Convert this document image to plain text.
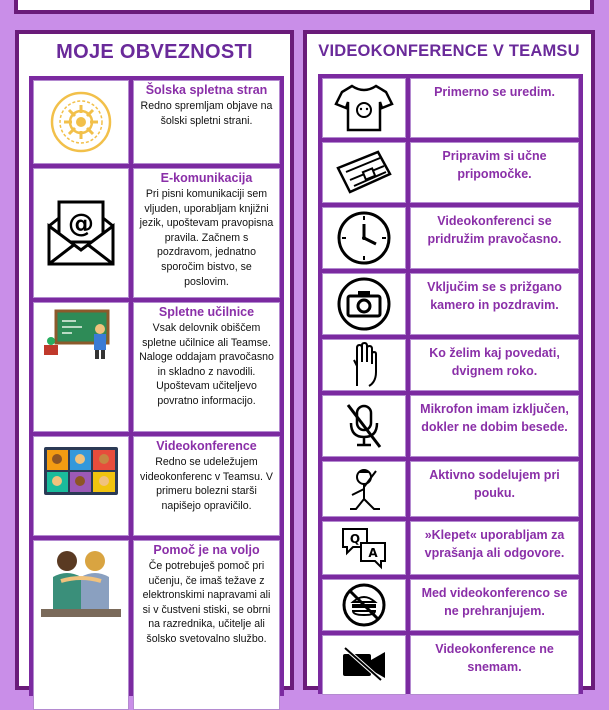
MOJE OBVEZNOSTI
Šolska spletna stran
Redno spremljam objave na šolski spletni strani.
@
E-komunikacija
Pri pisni komunikaciji sem vljuden, uporabljam knjižni jezik, upoštevam pravopisna pravila. Začnem s pozdravom, jednatno sporočim bistvo, se poslovim.
Spletne učilnice
Vsak delovnik obiščem spletne učilnice ali Teamse. Naloge oddajam pravočasno in skladno z navodili. Upoštevam učiteljevo povratno informacijo.
Videokonference
Redno se udeležujem videokonferenc v Teamsu. V primeru bolezni starši napišejo opravičilo.
Pomoč je na voljo
Če potrebuješ pomoč pri učenju, če imaš težave z elektronskimi napravami ali si v čustveni stiski, se obrni na razrednika, učitelje ali šolsko svetovalno službo.
VIDEOKONFERENCE V TEAMSU
Primerno se uredim.
Pripravim si učne pripomočke.
Videokonferenci se pridružim pravočasno.
Vključim se s prižgano kamero in pozdravim.
Ko želim kaj povedati, dvignem roko.
Mikrofon imam izključen, dokler ne dobim besede.
Aktivno sodelujem pri pouku.
Q
A
»Klepet« uporabljam za vprašanja ali odgovore.
Med videokonferenco se ne prehranjujem.
Videokonference ne snemam.
